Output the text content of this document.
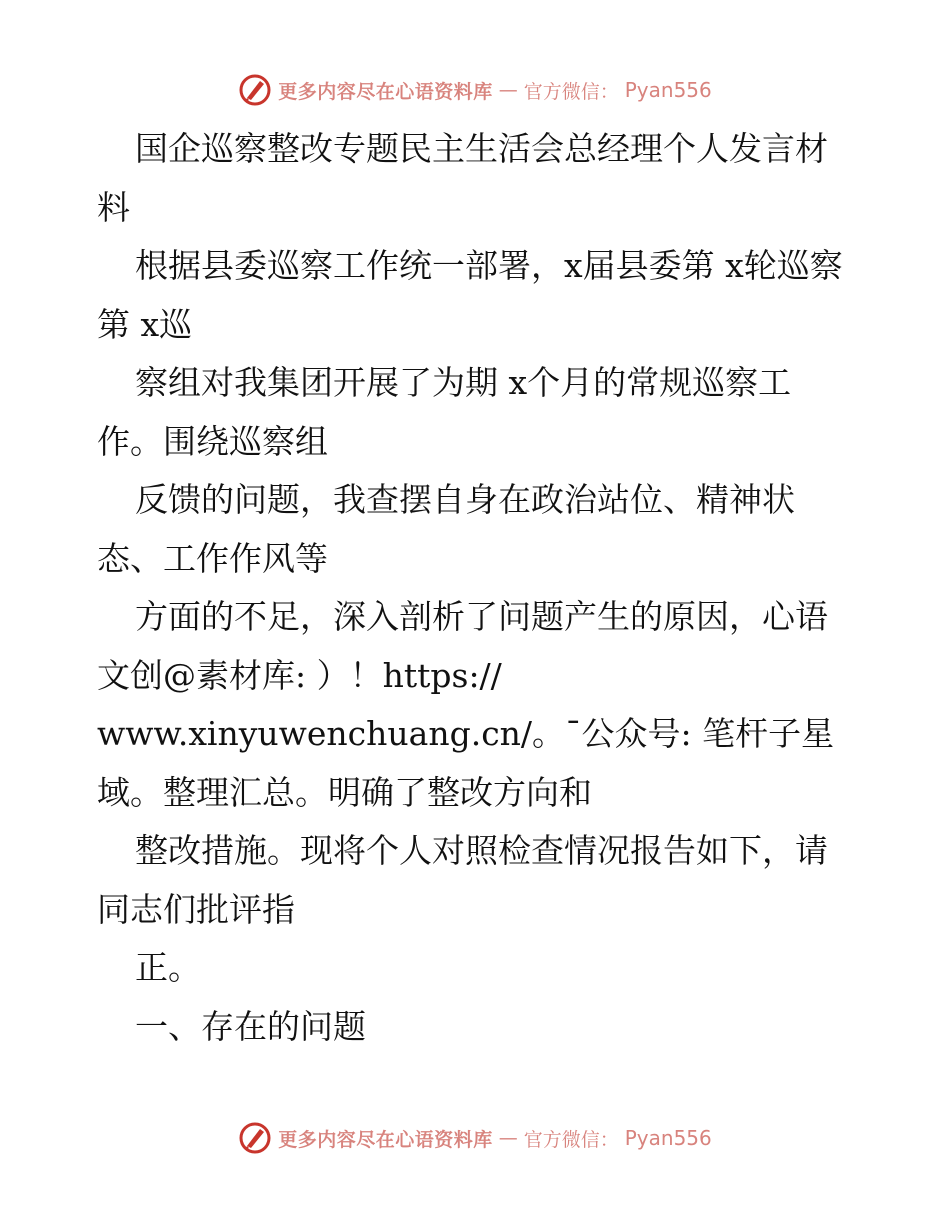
更多内容尽在心语资料库 — 官方微信： Pyan556

国企巡察整改专题民主生活会总经理个人发言材料

根据县委巡察工作统一部署，x届县委第 x轮巡察第 x巡

察组对我集团开展了为期 x个月的常规巡察工作。围绕巡察组

反馈的问题，我查摆自身在政治站位、精神状态、工作作风等

方面的不足，深入剖析了问题产生的原因，心语文创@素材库: ）！https://

www.xinyuwenchuang.cn/。¯公众号: 笔杆子星域。整理汇总。明确了整改方向和

整改措施。现将个人对照检查情况报告如下，请同志们批评指

正。

一、存在的问题

更多内容尽在心语资料库 — 官方微信： Pyan556
